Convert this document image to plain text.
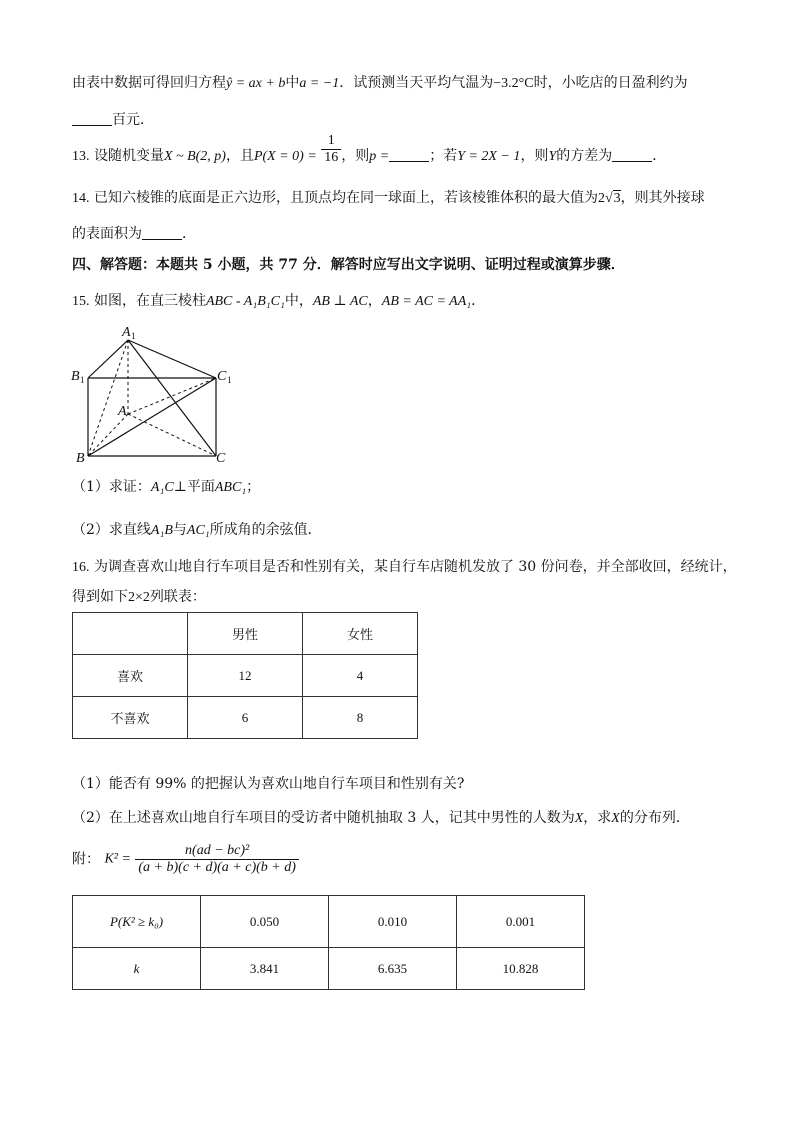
由表中数据可得回归方程ŷ = ax + b中a = −1．试预测当天平均气温为−3.2°C时，小吃店的日盈利约为
百元．
13. 设随机变量X ~ B(2, p)，且$P(X = 0) = \frac{1}{16}$ ，则p =	；若Y = 2X − 1，则Y的方差为	．
14. 已知六棱锥的底面是正六边形，且顶点均在同一球面上，若该棱锥体积的最大值为2√3，则其外接球
的表面积为	．
四、解答题：本题共 5 小题，共 77 分．解答时应写出文字说明、证明过程或演算步骤．
15. 如图，在直三棱柱ABC - A₁B₁C₁中，AB ⊥ AC，AB = AC = AA₁．
A 1
B 1	C 1
A
B	C
（1）求证：A₁C⊥平面ABC₁；
（2）求直线A₁B与AC₁所成角的余弦值．
16. 为调查喜欢山地自行车项目是否和性别有关，某自行车店随机发放了 30 份问卷，并全部收回，经统计，
得到如下2×2列联表：
	男性	女性
喜欢	12	4
不喜欢	6	8
（1）能否有 99% 的把握认为喜欢山地自行车项目和性别有关?
（2）在上述喜欢山地自行车项目的受访者中随机抽取 3 人，记其中男性的人数为X，求X的分布列．
附： $K^2 = \frac{\text{n(ad − bc)²}}{(a + b)(c + d)(a + c)(b + d)}$
P(K² ≥ k₀)	0.050	0.010	0.001
k	3.841	6.635	10.828
